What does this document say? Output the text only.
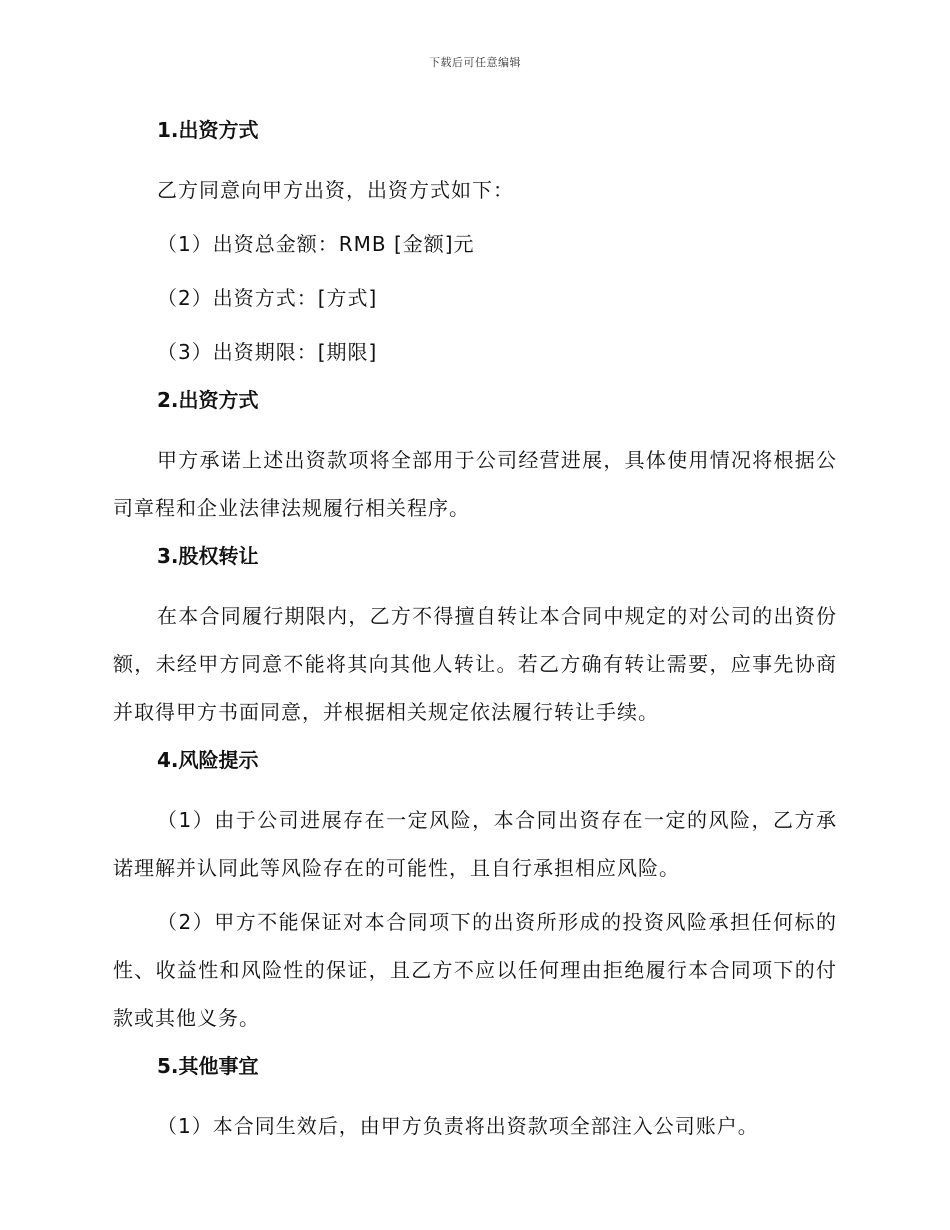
下载后可任意编辑
1.出资方式
乙方同意向甲方出资，出资方式如下：
（1）出资总金额：RMB [金额]元
（2）出资方式：[方式]
（3）出资期限：[期限]
2.出资方式

甲方承诺上述出资款项将全部用于公司经营进展，具体使用情况将根据公司章程和企业法律法规履行相关程序。

3.股权转让

在本合同履行期限内，乙方不得擅自转让本合同中规定的对公司的出资份额，未经甲方同意不能将其向其他人转让。若乙方确有转让需要，应事先协商并取得甲方书面同意，并根据相关规定依法履行转让手续。

4.风险提示

（1）由于公司进展存在一定风险，本合同出资存在一定的风险，乙方承诺理解并认同此等风险存在的可能性，且自行承担相应风险。

（2）甲方不能保证对本合同项下的出资所形成的投资风险承担任何标的性、收益性和风险性的保证，且乙方不应以任何理由拒绝履行本合同项下的付款或其他义务。

5.其他事宜
（1）本合同生效后，由甲方负责将出资款项全部注入公司账户。
